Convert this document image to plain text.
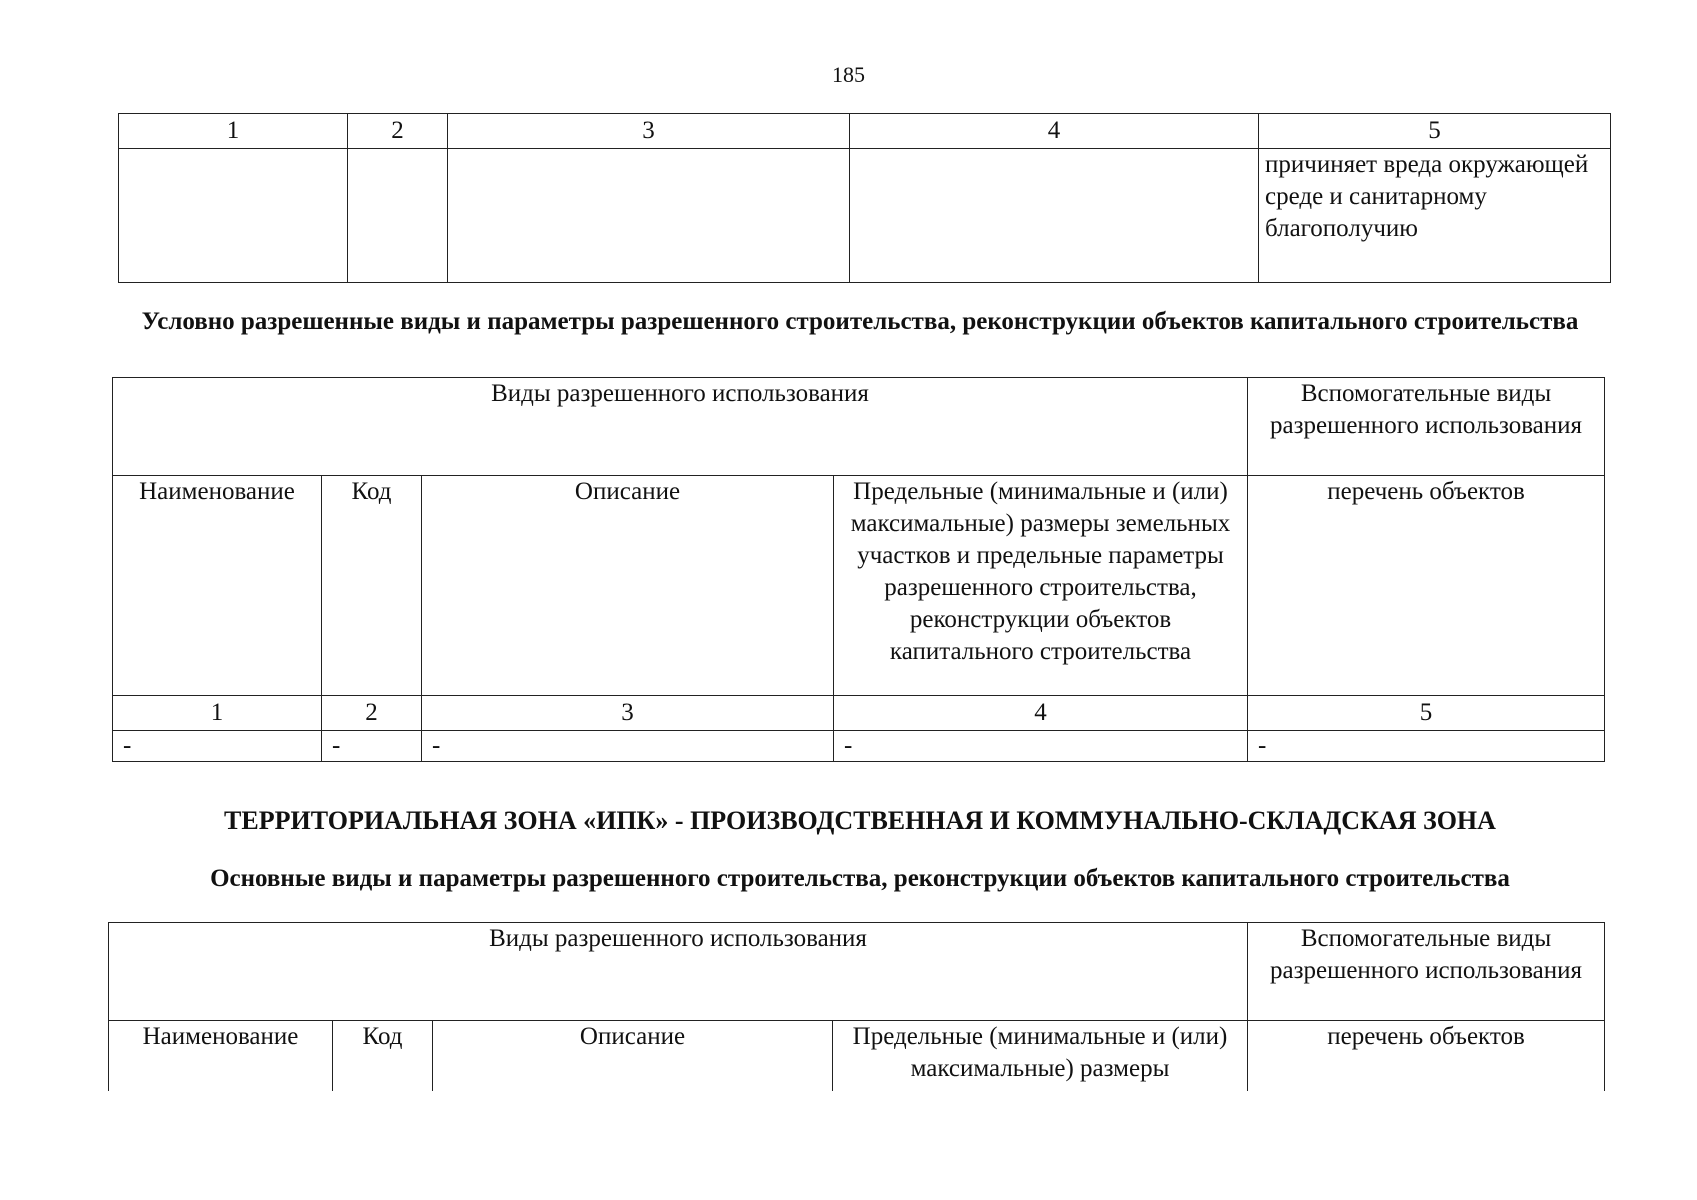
185
1	2	3	4	5
				причиняет вреда окружающей среде и санитарному благополучию
Условно разрешенные виды и параметры разрешенного строительства, реконструкции объектов капитального строительства
Виды разрешенного использования				Вспомогательные виды разрешенного использования
Наименование	Код	Описание	Предельные (минимальные и (или) максимальные) размеры земельных участков и предельные параметры разрешенного строительства, реконструкции объектов капитального строительства	перечень объектов
1	2	3	4	5
-	-	-	-	-
ТЕРРИТОРИАЛЬНАЯ ЗОНА «ИПК» - ПРОИЗВОДСТВЕННАЯ И КОММУНАЛЬНО-СКЛАДСКАЯ ЗОНА
Основные виды и параметры разрешенного строительства, реконструкции объектов капитального строительства
Виды разрешенного использования				Вспомогательные виды разрешенного использования
Наименование	Код	Описание	Предельные (минимальные и (или) максимальные) размеры	перечень объектов
